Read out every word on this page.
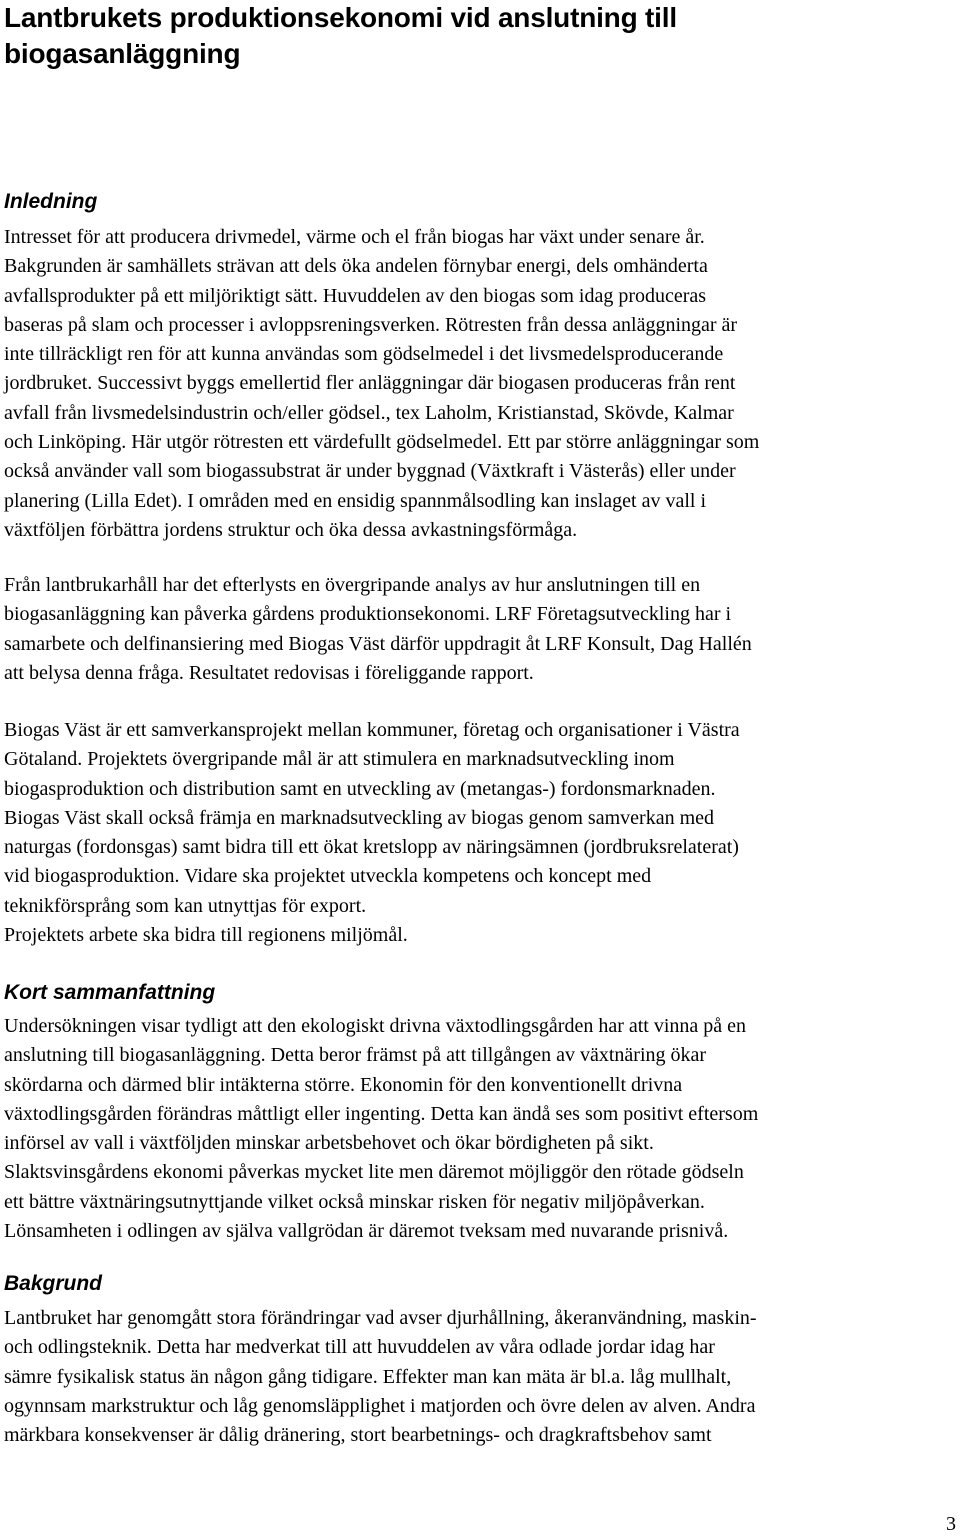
Lantbrukets produktionsekonomi vid anslutning till
biogasanläggning
Inledning

Intresset för att producera drivmedel, värme och el från biogas har växt under senare år.
Bakgrunden är samhällets strävan att dels öka andelen förnybar energi, dels omhänderta
avfallsprodukter på ett miljöriktigt sätt. Huvuddelen av den biogas som idag produceras
baseras på slam och processer i avloppsreningsverken. Rötresten från dessa anläggningar är
inte tillräckligt ren för att kunna användas som gödselmedel i det livsmedelsproducerande
jordbruket. Successivt byggs emellertid fler anläggningar där biogasen produceras från rent
avfall från livsmedelsindustrin och/eller gödsel., tex Laholm, Kristianstad, Skövde, Kalmar
och Linköping. Här utgör rötresten ett värdefullt gödselmedel. Ett par större anläggningar som
också använder vall som biogassubstrat är under byggnad (Växtkraft i Västerås) eller under
planering (Lilla Edet). I områden med en ensidig spannmålsodling kan inslaget av vall i
växtföljen förbättra jordens struktur och öka dessa avkastningsförmåga.

Från lantbrukarhåll har det efterlysts en övergripande analys av hur anslutningen till en
biogasanläggning kan påverka gårdens produktionsekonomi. LRF Företagsutveckling har i
samarbete och delfinansiering med Biogas Väst därför uppdragit åt LRF Konsult, Dag Hallén
att belysa denna fråga. Resultatet redovisas i föreliggande rapport.

Biogas Väst är ett samverkansprojekt mellan kommuner, företag och organisationer i Västra
Götaland. Projektets övergripande mål är att stimulera en marknadsutveckling inom
biogasproduktion och distribution samt en utveckling av (metangas-) fordonsmarknaden.
Biogas Väst skall också främja en marknadsutveckling av biogas genom samverkan med
naturgas (fordonsgas) samt bidra till ett ökat kretslopp av näringsämnen (jordbruksrelaterat)
vid biogasproduktion. Vidare ska projektet utveckla kompetens och koncept med
teknikförsprång som kan utnyttjas för export.
Projektets arbete ska bidra till regionens miljömål.

Kort sammanfattning

Undersökningen visar tydligt att den ekologiskt drivna växtodlingsgården har att vinna på en
anslutning till biogasanläggning. Detta beror främst på att tillgången av växtnäring ökar
skördarna och därmed blir intäkterna större. Ekonomin för den konventionellt drivna
växtodlingsgården förändras måttligt eller ingenting. Detta kan ändå ses som positivt eftersom
införsel av vall i växtföljden minskar arbetsbehovet och ökar bördigheten på sikt.
Slaktsvinsgårdens ekonomi påverkas mycket lite men däremot möjliggör den rötade gödseln
ett bättre växtnäringsutnyttjande vilket också minskar risken för negativ miljöpåverkan.
Lönsamheten i odlingen av själva vallgrödan är däremot tveksam med nuvarande prisnivå.

Bakgrund

Lantbruket har genomgått stora förändringar vad avser djurhållning, åkeranvändning, maskin-
och odlingsteknik. Detta har medverkat till att huvuddelen av våra odlade jordar idag har
sämre fysikalisk status än någon gång tidigare. Effekter man kan mäta är bl.a. låg mullhalt,
ogynnsam markstruktur och låg genomsläpplighet i matjorden och övre delen av alven. Andra
märkbara konsekvenser är dålig dränering, stort bearbetnings- och dragkraftsbehov samt

3
